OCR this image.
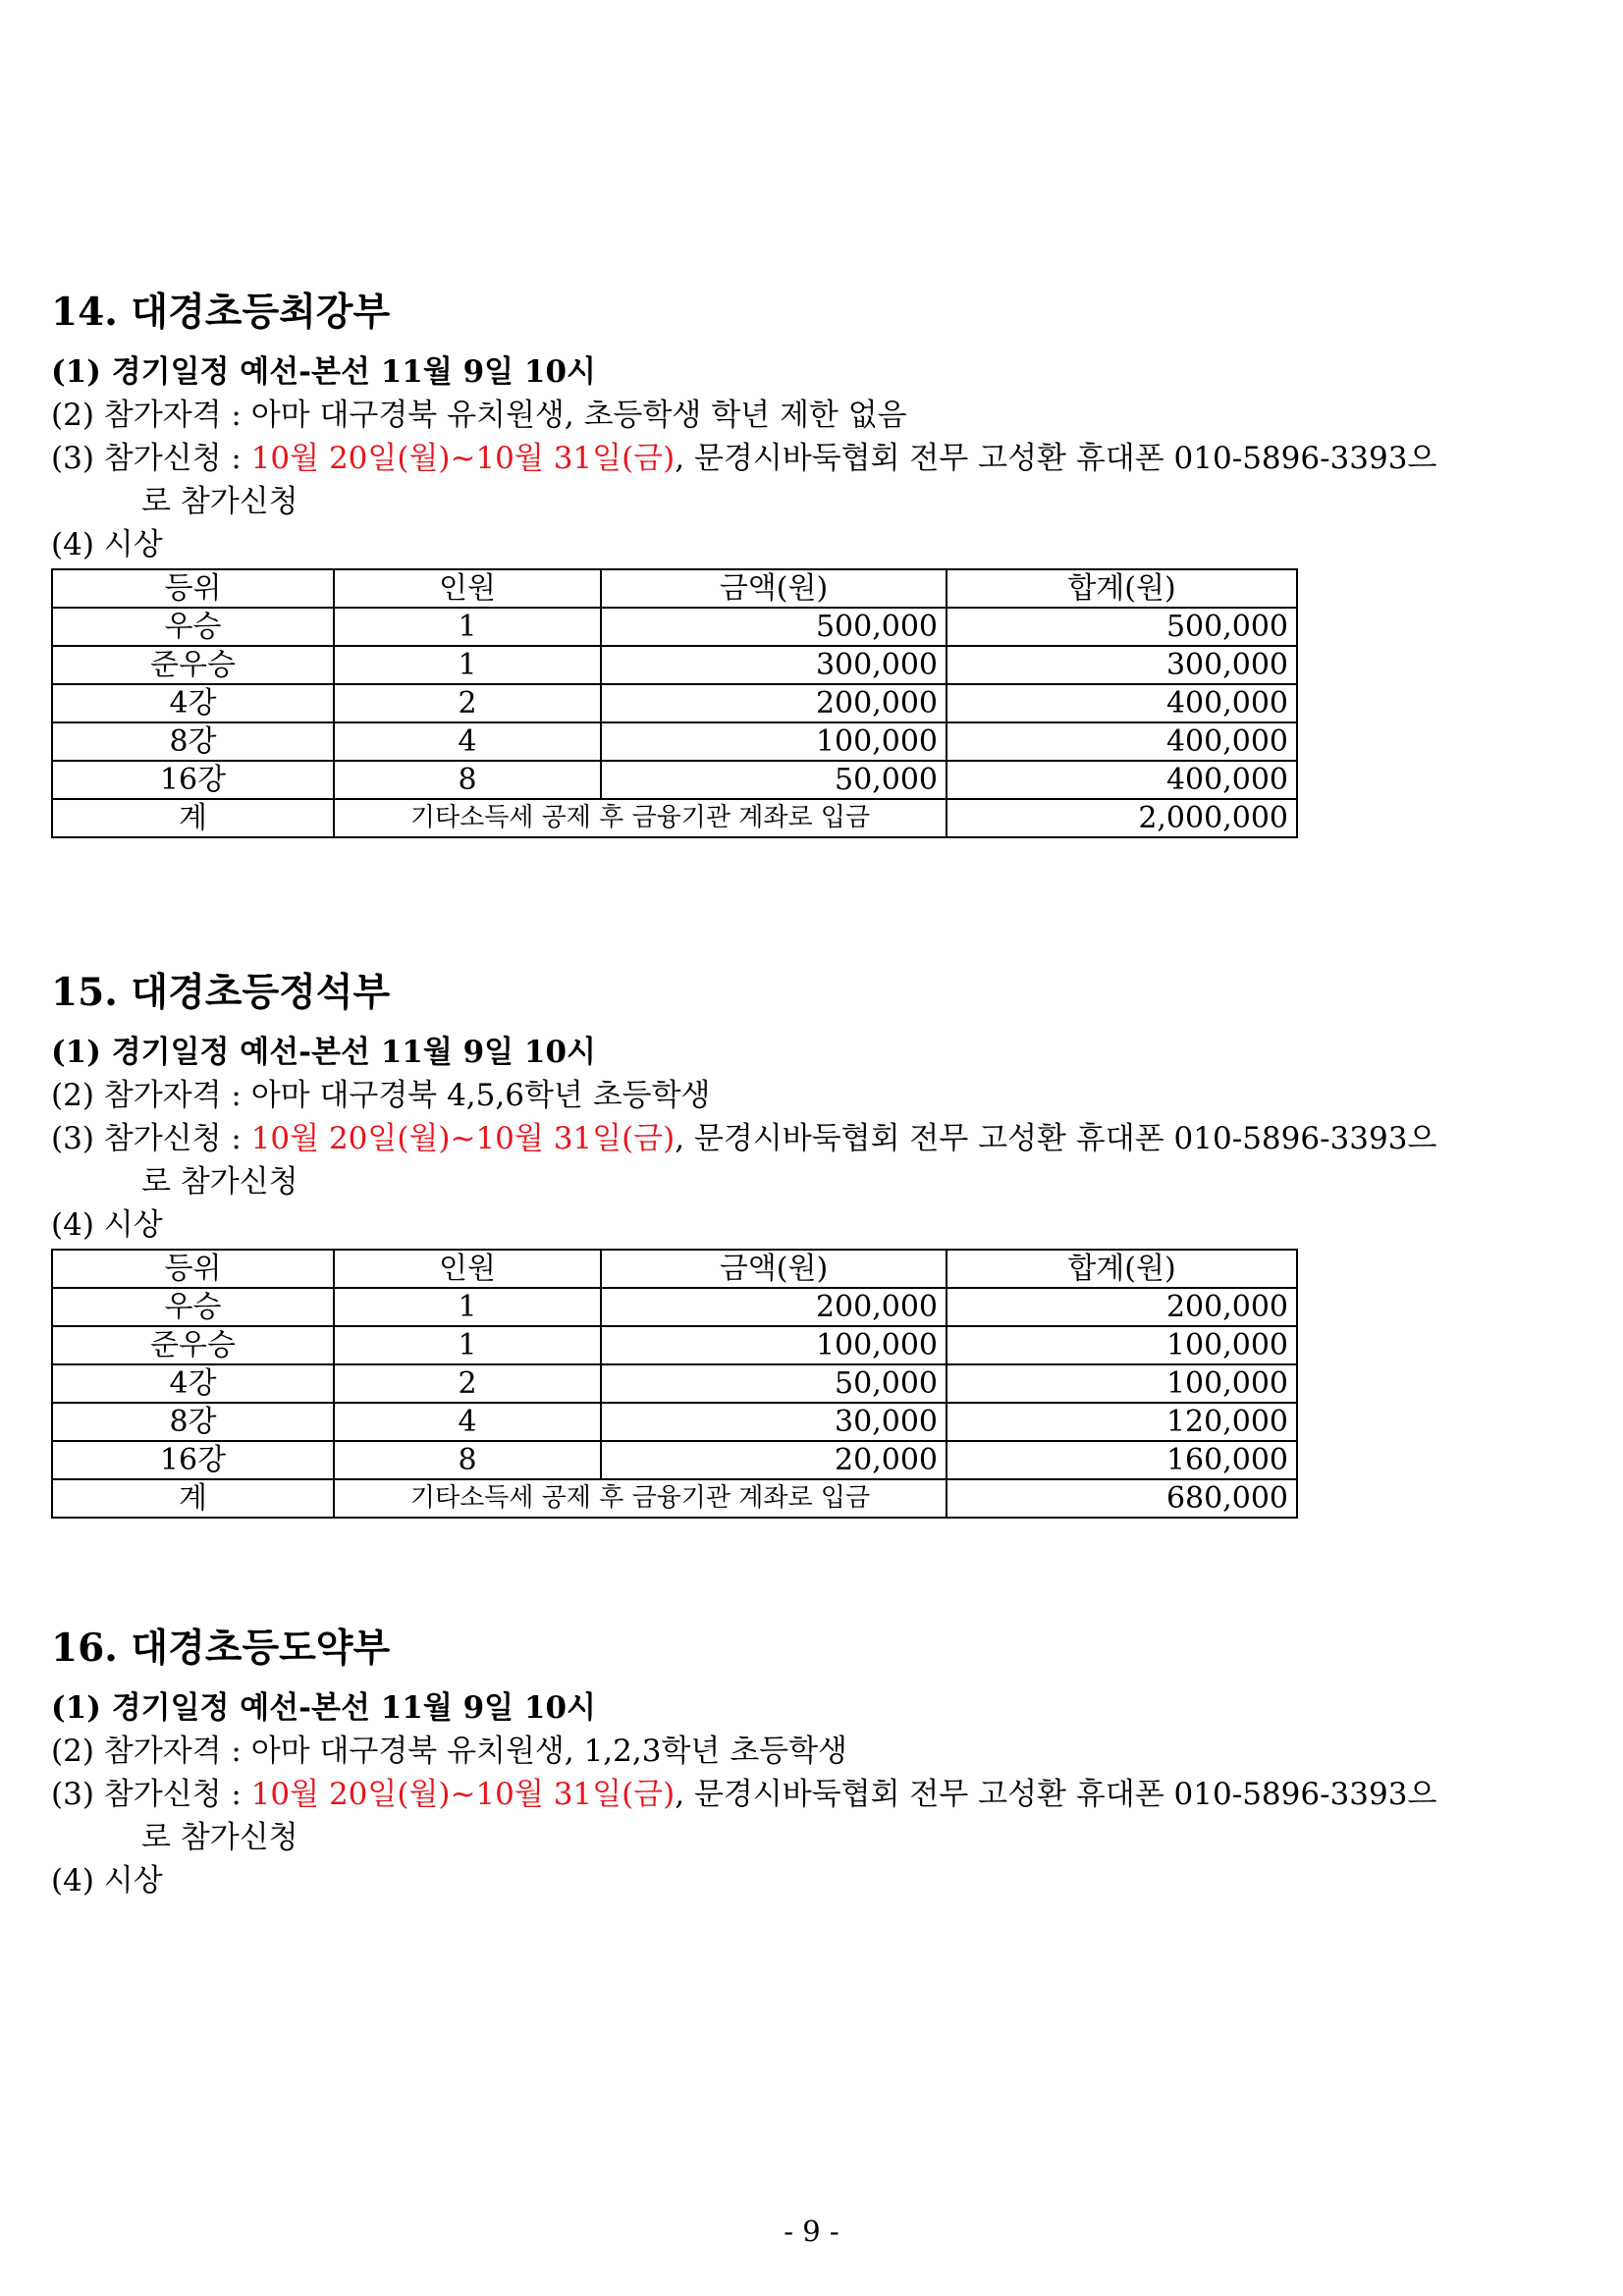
14. 대경초등최강부
(1) 경기일정 예선-본선 11월 9일 10시
(2) 참가자격 : 아마 대구경북 유치원생, 초등학생 학년 제한 없음
(3) 참가신청 : 10월 20일(월)~10월 31일(금), 문경시바둑협회 전무 고성환 휴대폰 010-5896-3393으
로 참가신청
(4) 시상
등위	인원	금액(원)	합계(원)
우승	1	500,000	500,000
준우승	1	300,000	300,000
4강	2	200,000	400,000
8강	4	100,000	400,000
16강	8	50,000	400,000
계	기타소득세 공제 후 금융기관 계좌로 입금		2,000,000
15. 대경초등정석부
(1) 경기일정 예선-본선 11월 9일 10시
(2) 참가자격 : 아마 대구경북 4,5,6학년 초등학생
(3) 참가신청 : 10월 20일(월)~10월 31일(금), 문경시바둑협회 전무 고성환 휴대폰 010-5896-3393으
로 참가신청
(4) 시상
등위	인원	금액(원)	합계(원)
우승	1	200,000	200,000
준우승	1	100,000	100,000
4강	2	50,000	100,000
8강	4	30,000	120,000
16강	8	20,000	160,000
계	기타소득세 공제 후 금융기관 계좌로 입금		680,000
16. 대경초등도약부
(1) 경기일정 예선-본선 11월 9일 10시
(2) 참가자격 : 아마 대구경북 유치원생, 1,2,3학년 초등학생
(3) 참가신청 : 10월 20일(월)~10월 31일(금), 문경시바둑협회 전무 고성환 휴대폰 010-5896-3393으
로 참가신청
(4) 시상
- 9 -
